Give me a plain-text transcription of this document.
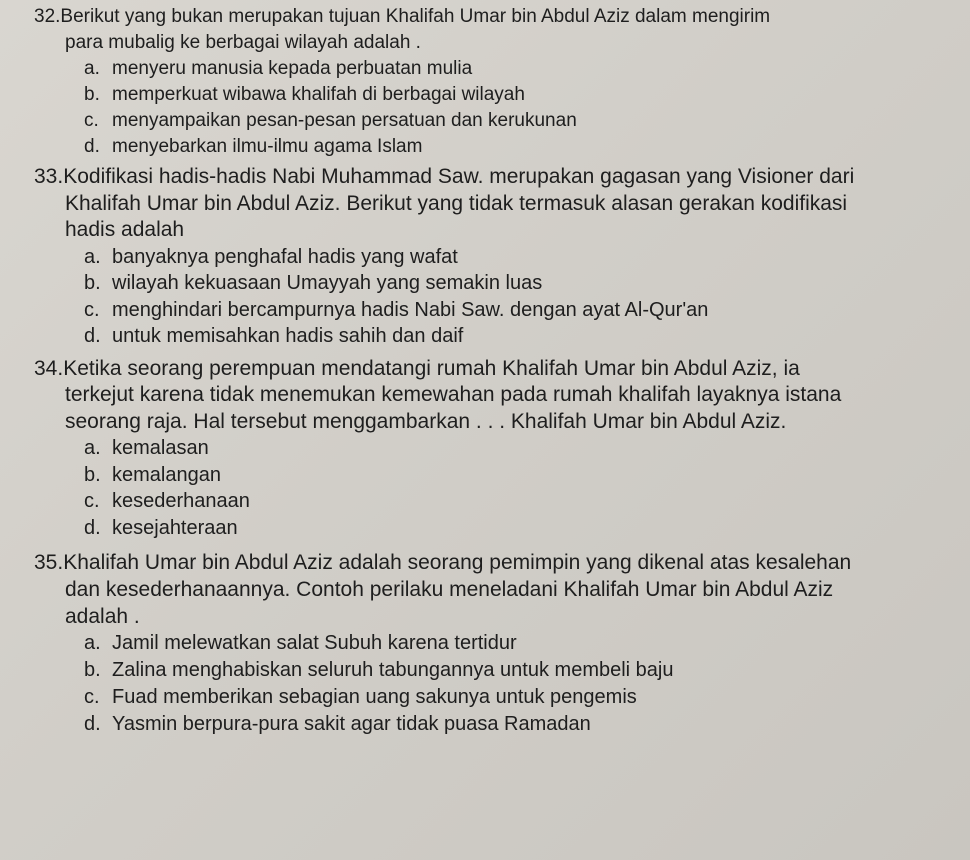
32.Berikut yang bukan merupakan tujuan Khalifah Umar bin Abdul Aziz dalam mengirim
para mubalig ke berbagai wilayah adalah .
a. menyeru manusia kepada perbuatan mulia
b. memperkuat wibawa khalifah di berbagai wilayah
c. menyampaikan pesan-pesan persatuan dan kerukunan
d. menyebarkan ilmu-ilmu agama Islam
33.Kodifikasi hadis-hadis Nabi Muhammad Saw. merupakan gagasan yang Visioner dari
Khalifah Umar bin Abdul Aziz. Berikut yang tidak termasuk alasan gerakan kodifikasi
hadis adalah
a. banyaknya penghafal hadis yang wafat
b. wilayah kekuasaan Umayyah yang semakin luas
c. menghindari bercampurnya hadis Nabi Saw. dengan ayat Al-Qur'an
d. untuk memisahkan hadis sahih dan daif
34.Ketika seorang perempuan mendatangi rumah Khalifah Umar bin Abdul Aziz, ia
terkejut karena tidak menemukan kemewahan pada rumah khalifah layaknya istana
seorang raja. Hal tersebut menggambarkan . . . Khalifah Umar bin Abdul Aziz.
a. kemalasan
b. kemalangan
c. kesederhanaan
d. kesejahteraan
35.Khalifah Umar bin Abdul Aziz adalah seorang pemimpin yang dikenal atas kesalehan
dan kesederhanaannya. Contoh perilaku meneladani Khalifah Umar bin Abdul Aziz
adalah .
a. Jamil melewatkan salat Subuh karena tertidur
b. Zalina menghabiskan seluruh tabungannya untuk membeli baju
c. Fuad memberikan sebagian uang sakunya untuk pengemis
d. Yasmin berpura-pura sakit agar tidak puasa Ramadan
